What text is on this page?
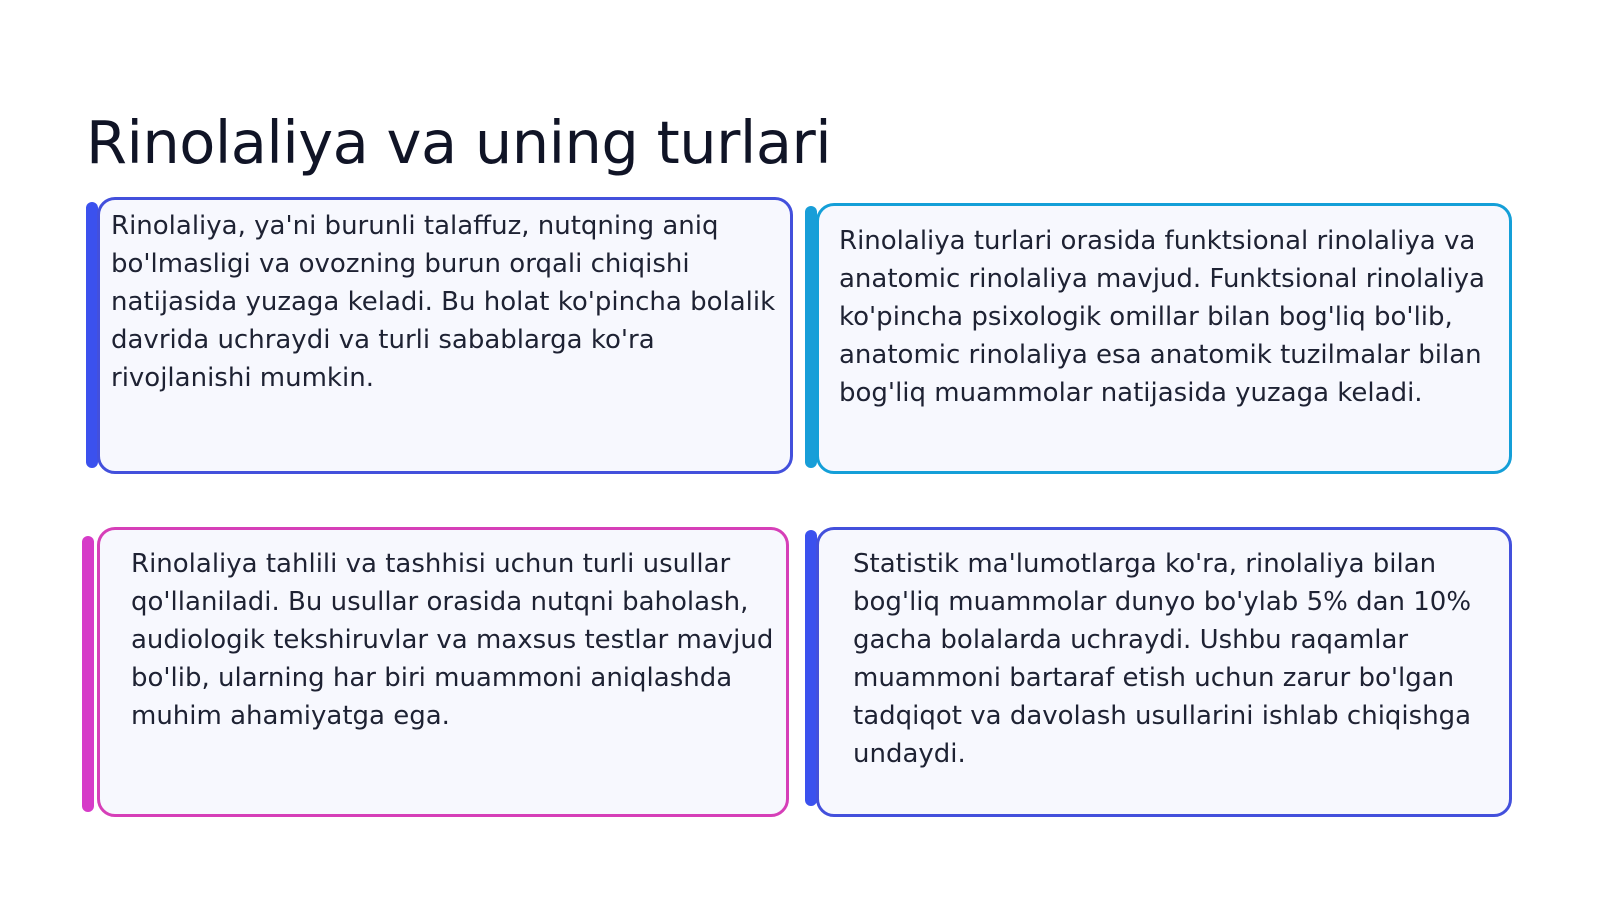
Rinolaliya va uning turlari

Rinolaliya, ya'ni burunli talaffuz, nutqning aniq bo'lmasligi va ovozning burun orqali chiqishi natijasida yuzaga keladi. Bu holat ko'pincha bolalik davrida uchraydi va turli sabablarga ko'ra rivojlanishi mumkin.

Rinolaliya turlari orasida funktsional rinolaliya va anatomic rinolaliya mavjud. Funktsional rinolaliya ko'pincha psixologik omillar bilan bog'liq bo'lib, anatomic rinolaliya esa anatomik tuzilmalar bilan bog'liq muammolar natijasida yuzaga keladi.

Rinolaliya tahlili va tashhisi uchun turli usullar qo'llaniladi. Bu usullar orasida nutqni baholash, audiologik tekshiruvlar va maxsus testlar mavjud bo'lib, ularning har biri muammoni aniqlashda muhim ahamiyatga ega.

Statistik ma'lumotlarga ko'ra, rinolaliya bilan bog'liq muammolar dunyo bo'ylab 5% dan 10% gacha bolalarda uchraydi. Ushbu raqamlar muammoni bartaraf etish uchun zarur bo'lgan tadqiqot va davolash usullarini ishlab chiqishga undaydi.
